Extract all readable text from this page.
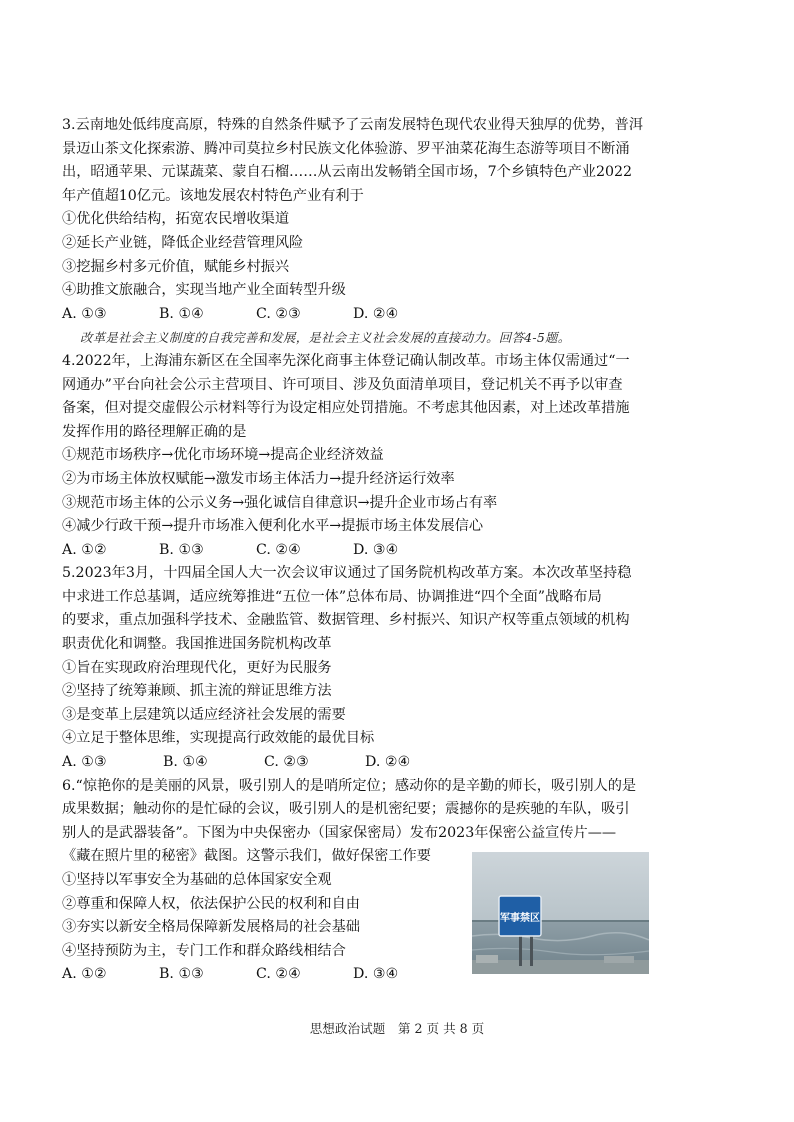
3.云南地处低纬度高原，特殊的自然条件赋予了云南发展特色现代农业得天独厚的优势，普洱
景迈山茶文化探索游、腾冲司莫拉乡村民族文化体验游、罗平油菜花海生态游等项目不断涌
出，昭通苹果、元谋蔬菜、蒙自石榴……从云南出发畅销全国市场，7个乡镇特色产业2022
年产值超10亿元。该地发展农村特色产业有利于
①优化供给结构，拓宽农民增收渠道
②延长产业链，降低企业经营管理风险
③挖掘乡村多元价值，赋能乡村振兴
④助推文旅融合，实现当地产业全面转型升级
A. ①③	B. ①④	C. ②③	D. ②④
改革是社会主义制度的自我完善和发展，是社会主义社会发展的直接动力。回答4-5题。
4.2022年，上海浦东新区在全国率先深化商事主体登记确认制改革。市场主体仅需通过“一
网通办”平台向社会公示主营项目、许可项目、涉及负面清单项目，登记机关不再予以审查
备案，但对提交虚假公示材料等行为设定相应处罚措施。不考虑其他因素，对上述改革措施
发挥作用的路径理解正确的是
①规范市场秩序→优化市场环境→提高企业经济效益
②为市场主体放权赋能→激发市场主体活力→提升经济运行效率
③规范市场主体的公示义务→强化诚信自律意识→提升企业市场占有率
④减少行政干预→提升市场准入便利化水平→提振市场主体发展信心
A. ①②	B. ①③	C. ②④	D. ③④
5.2023年3月，十四届全国人大一次会议审议通过了国务院机构改革方案。本次改革坚持稳
中求进工作总基调，适应统筹推进“五位一体”总体布局、协调推进“四个全面”战略布局
的要求，重点加强科学技术、金融监管、数据管理、乡村振兴、知识产权等重点领域的机构
职责优化和调整。我国推进国务院机构改革
①旨在实现政府治理现代化，更好为民服务
②坚持了统筹兼顾、抓主流的辩证思维方法
③是变革上层建筑以适应经济社会发展的需要
④立足于整体思维，实现提高行政效能的最优目标
A. ①③	B. ①④	C. ②③	D. ②④
6.“惊艳你的是美丽的风景，吸引别人的是哨所定位；感动你的是辛勤的师长，吸引别人的是
成果数据；触动你的是忙碌的会议，吸引别人的是机密纪要；震撼你的是疾驰的车队，吸引
别人的是武器装备”。下图为中央保密办（国家保密局）发布2023年保密公益宣传片——
《藏在照片里的秘密》截图。这警示我们，做好保密工作要
①坚持以军事安全为基础的总体国家安全观
②尊重和保障人权，依法保护公民的权利和自由
③夯实以新安全格局保障新发展格局的社会基础
④坚持预防为主，专门工作和群众路线相结合
A. ①②	B. ①③	C. ②④	D. ③④
军事禁区
思想政治试题　第 2 页 共 8 页
